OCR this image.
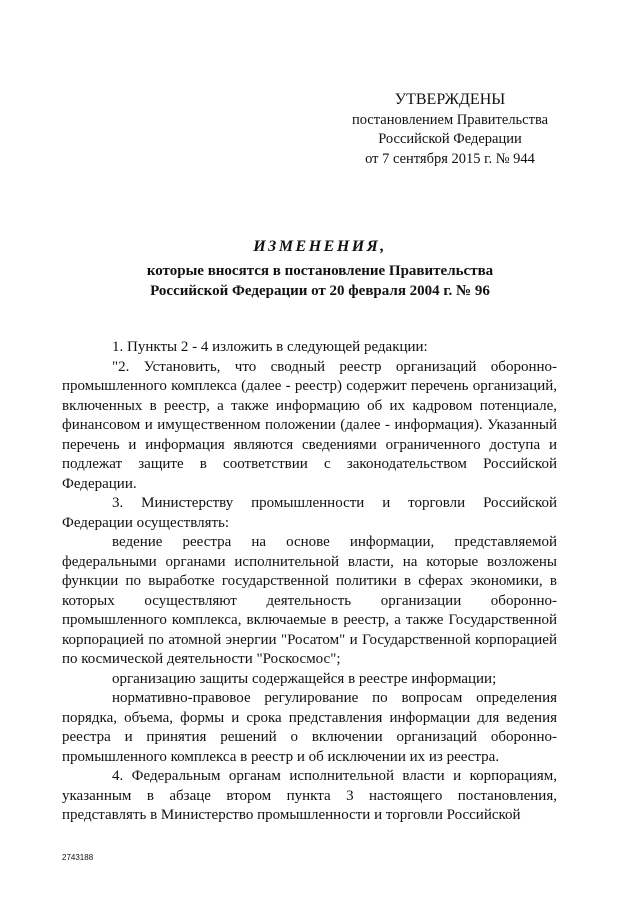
УТВЕРЖДЕНЫ
постановлением Правительства
Российской Федерации
от 7 сентября 2015 г. № 944
ИЗМЕНЕНИЯ,
которые вносятся в постановление Правительства
Российской Федерации от 20 февраля 2004 г. № 96

1. Пункты 2 - 4 изложить в следующей редакции:

"2. Установить, что сводный реестр организаций оборонно-промышленного комплекса (далее - реестр) содержит перечень организаций, включенных в реестр, а также информацию об их кадровом потенциале, финансовом и имущественном положении (далее - информация). Указанный перечень и информация являются сведениями ограниченного доступа и подлежат защите в соответствии с законодательством Российской Федерации.

3. Министерству промышленности и торговли Российской Федерации осуществлять:

ведение реестра на основе информации, представляемой федеральными органами исполнительной власти, на которые возложены функции по выработке государственной политики в сферах экономики, в которых осуществляют деятельность организации оборонно-промышленного комплекса, включаемые в реестр, а также Государственной корпорацией по атомной энергии "Росатом" и Государственной корпорацией по космической деятельности "Роскосмос";

организацию защиты содержащейся в реестре информации;

нормативно-правовое регулирование по вопросам определения порядка, объема, формы и срока представления информации для ведения реестра и принятия решений о включении организаций оборонно-промышленного комплекса в реестр и об исключении их из реестра.

4. Федеральным органам исполнительной власти и корпорациям, указанным в абзаце втором пункта 3 настоящего постановления, представлять в Министерство промышленности и торговли Российской

2743188
